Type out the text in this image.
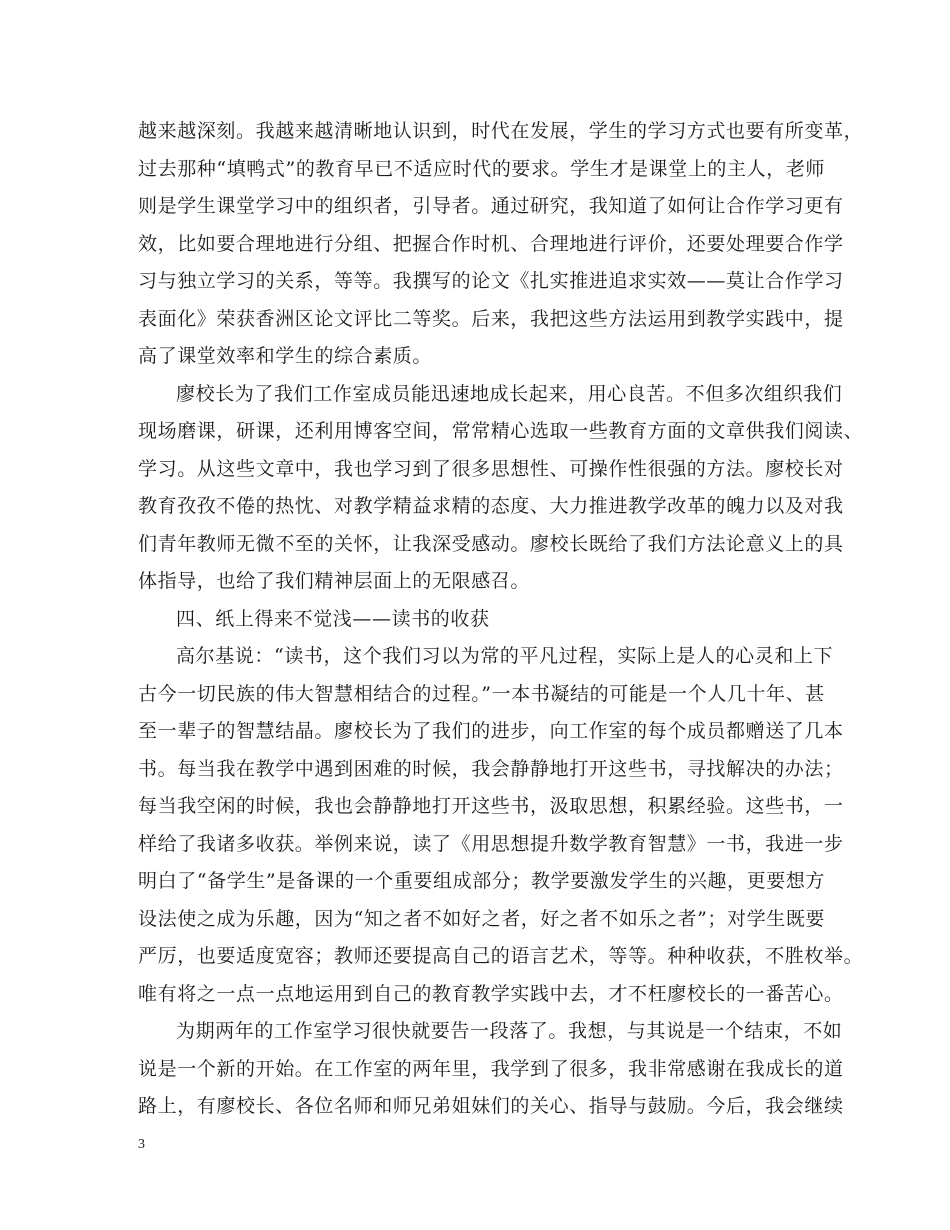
越来越深刻。我越来越清晰地认识到，时代在发展，学生的学习方式也要有所变革，
过去那种“填鸭式”的教育早已不适应时代的要求。学生才是课堂上的主人，老师
则是学生课堂学习中的组织者，引导者。通过研究，我知道了如何让合作学习更有
效，比如要合理地进行分组、把握合作时机、合理地进行评价，还要处理要合作学
习与独立学习的关系，等等。我撰写的论文《扎实推进追求实效——莫让合作学习
表面化》荣获香洲区论文评比二等奖。后来，我把这些方法运用到教学实践中，提
高了课堂效率和学生的综合素质。
廖校长为了我们工作室成员能迅速地成长起来，用心良苦。不但多次组织我们
现场磨课，研课，还利用博客空间，常常精心选取一些教育方面的文章供我们阅读、
学习。从这些文章中，我也学习到了很多思想性、可操作性很强的方法。廖校长对
教育孜孜不倦的热忱、对教学精益求精的态度、大力推进教学改革的魄力以及对我
们青年教师无微不至的关怀，让我深受感动。廖校长既给了我们方法论意义上的具
体指导，也给了我们精神层面上的无限感召。
四、纸上得来不觉浅——读书的收获
高尔基说：“读书，这个我们习以为常的平凡过程，实际上是人的心灵和上下
古今一切民族的伟大智慧相结合的过程。”一本书凝结的可能是一个人几十年、甚
至一辈子的智慧结晶。廖校长为了我们的进步，向工作室的每个成员都赠送了几本
书。每当我在教学中遇到困难的时候，我会静静地打开这些书，寻找解决的办法；
每当我空闲的时候，我也会静静地打开这些书，汲取思想，积累经验。这些书，一
样给了我诸多收获。举例来说，读了《用思想提升数学教育智慧》一书，我进一步
明白了“备学生”是备课的一个重要组成部分；教学要激发学生的兴趣，更要想方
设法使之成为乐趣，因为“知之者不如好之者，好之者不如乐之者”；对学生既要
严厉，也要适度宽容；教师还要提高自己的语言艺术，等等。种种收获，不胜枚举。
唯有将之一点一点地运用到自己的教育教学实践中去，才不枉廖校长的一番苦心。
为期两年的工作室学习很快就要告一段落了。我想，与其说是一个结束，不如
说是一个新的开始。在工作室的两年里，我学到了很多，我非常感谢在我成长的道
路上，有廖校长、各位名师和师兄弟姐妹们的关心、指导与鼓励。今后，我会继续
3
